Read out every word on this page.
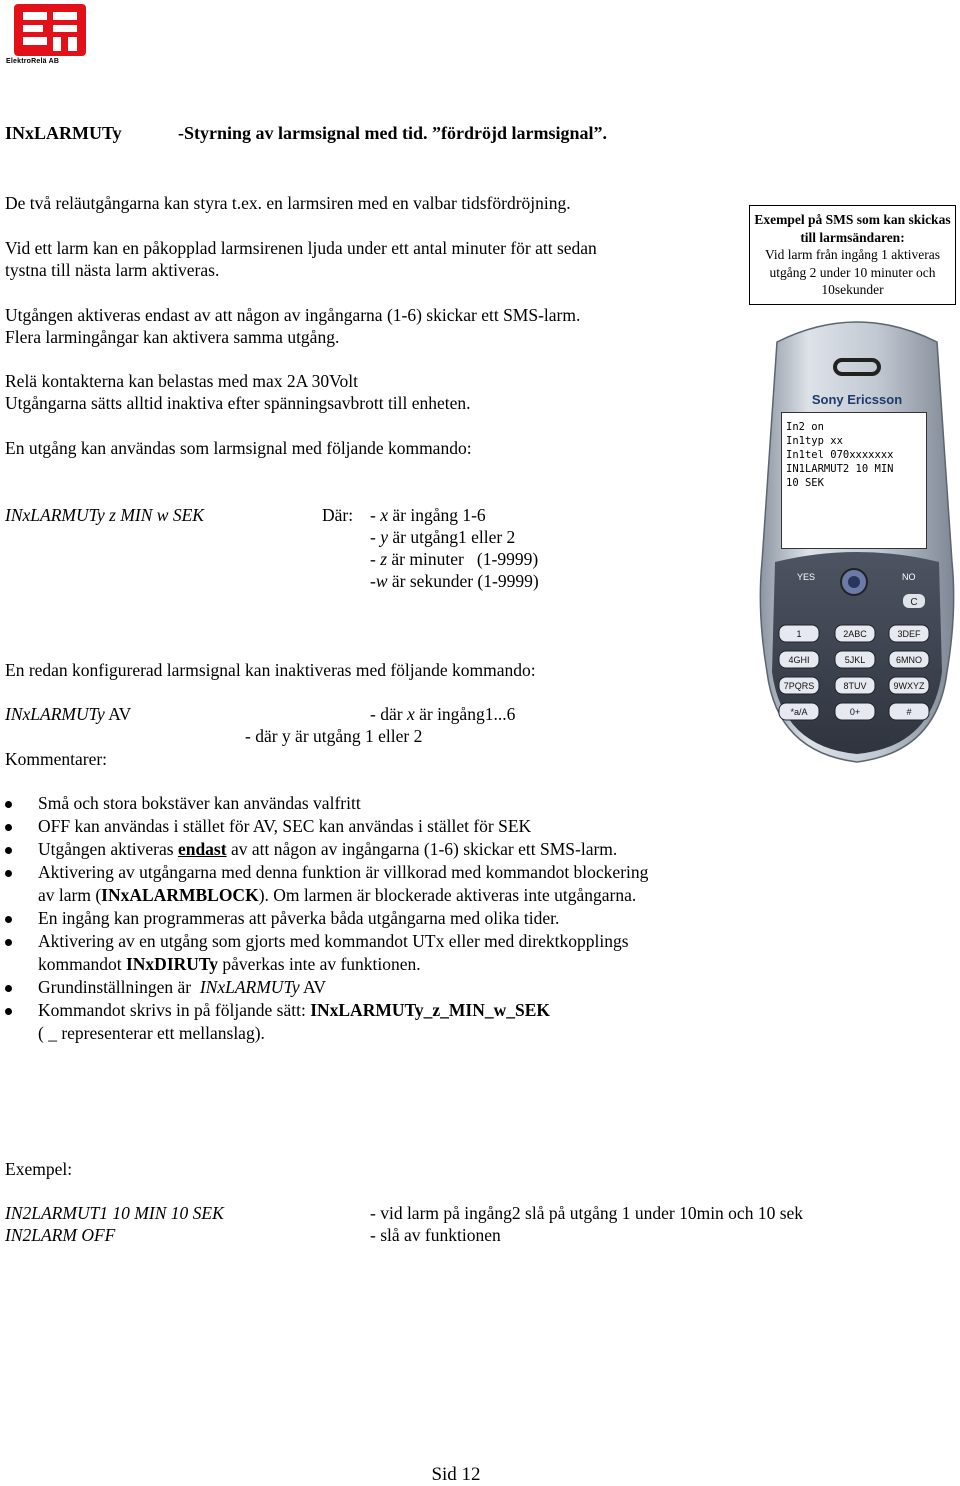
ElektroRelä AB
INxLARMUTy	-Styrning av larmsignal med tid. ”fördröjd larmsignal”.
De två reläutgångarna kan styra t.ex. en larmsiren med en valbar tidsfördröjning.
Vid ett larm kan en påkopplad larmsirenen ljuda under ett antal minuter för att sedan
tystna till nästa larm aktiveras.
Utgången aktiveras endast av att någon av ingångarna (1-6) skickar ett SMS-larm.
Flera larmingångar kan aktivera samma utgång.
Relä kontakterna kan belastas med max 2A 30Volt
Utgångarna sätts alltid inaktiva efter spänningsavbrott till enheten.
En utgång kan användas som larmsignal med följande kommando:
INxLARMUTy z MIN w SEK	Där: - x är ingång 1-6
- y är utgång1 eller 2
- z är minuter   (1-9999)
-w är sekunder (1-9999)
En redan konfigurerad larmsignal kan inaktiveras med följande kommando:
INxLARMUTy AV	- där x är ingång1...6
- där y är utgång 1 eller 2
Kommentarer:
Exempel på SMS som kan skickas till larmsändaren:
Vid larm från ingång 1 aktiveras utgång 2 under 10 minuter och 10sekunder
Sony Ericsson
YES	NO
C
1	2ABC	3DEF
4GHI	5JKL	6MNO
7PQRS	8TUV	9WXYZ
*a/A	0+	#
In2 on
In1typ xx
In1tel 070xxxxxxx
IN1LARMUT2 10 MIN
10 SEK
Små och stora bokstäver kan användas valfritt
OFF kan användas i stället för AV, SEC kan användas i stället för SEK
Utgången aktiveras endast av att någon av ingångarna (1-6) skickar ett SMS-larm.
Aktivering av utgångarna med denna funktion är villkorad med kommandot blockering
av larm (INxALARMBLOCK). Om larmen är blockerade aktiveras inte utgångarna.
En ingång kan programmeras att påverka båda utgångarna med olika tider.
Aktivering av en utgång som gjorts med kommandot UTx eller med direktkopplings
kommandot INxDIRUTy påverkas inte av funktionen.
Grundinställningen är  INxLARMUTy AV
Kommandot skrivs in på följande sätt: INxLARMUTy_z_MIN_w_SEK
( _ representerar ett mellanslag).
Exempel:
IN2LARMUT1 10 MIN 10 SEK	- vid larm på ingång2 slå på utgång 1 under 10min och 10 sek
IN2LARM OFF	- slå av funktionen
Sid 12
